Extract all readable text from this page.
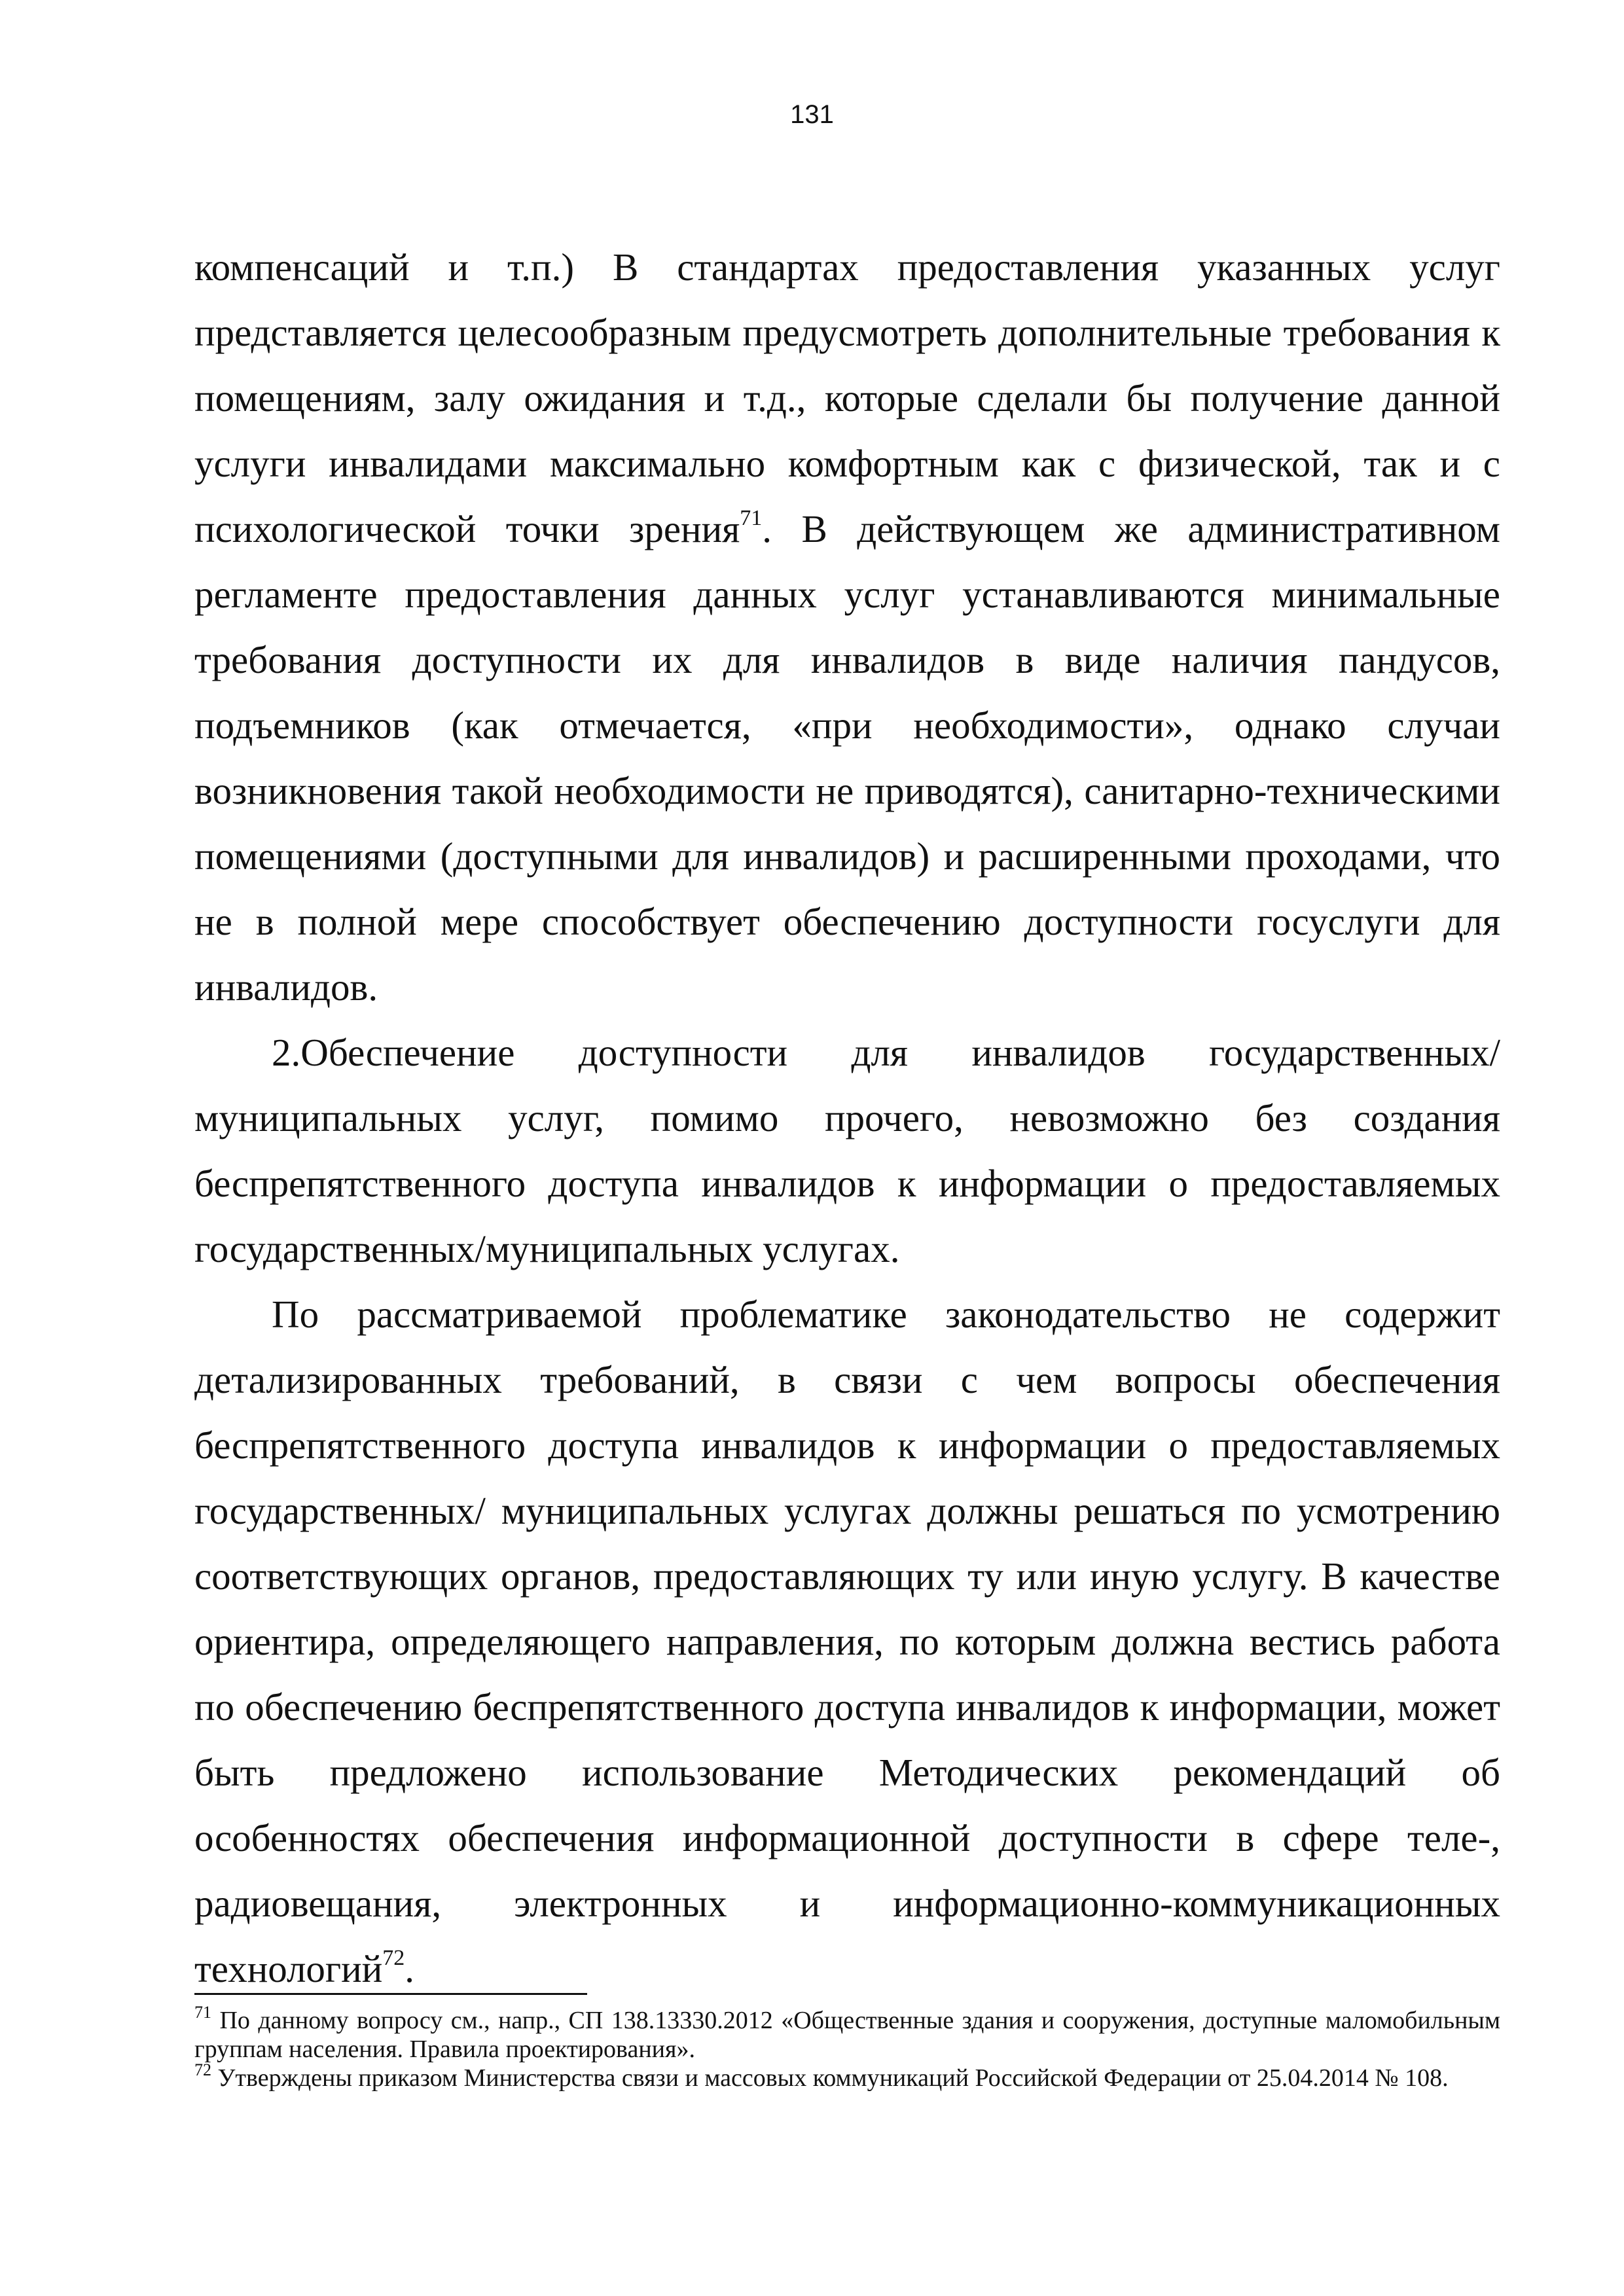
131

компенсаций и т.п.) В стандартах предоставления указанных услуг представляется целесообразным предусмотреть дополнительные требования к помещениям, залу ожидания и т.д., которые сделали бы получение данной услуги инвалидами максимально комфортным как с физической, так и с психологической точки зрения$^{71}$. В действующем же административном регламенте предоставления данных услуг устанавливаются минимальные требования доступности их для инвалидов в виде наличия пандусов, подъемников (как отмечается, «при необходимости», однако случаи возникновения такой необходимости не приводятся), санитарно-техническими помещениями (доступными для инвалидов) и расширенными проходами, что не в полной мере способствует обеспечению доступности госуслуги для инвалидов.

2.Обеспечение доступности для инвалидов государственных/муниципальных услуг, помимо прочего, невозможно без создания беспрепятственного доступа инвалидов к информации о предоставляемых государственных/муниципальных услугах.

По рассматриваемой проблематике законодательство не содержит детализированных требований, в связи с чем вопросы обеспечения беспрепятственного доступа инвалидов к информации о предоставляемых государственных/ муниципальных услугах должны решаться по усмотрению соответствующих органов, предоставляющих ту или иную услугу. В качестве ориентира, определяющего направления, по которым должна вестись работа по обеспечению беспрепятственного доступа инвалидов к информации, может быть предложено использование Методических рекомендаций об особенностях обеспечения информационной доступности в сфере теле-, радиовещания, электронных и информационно-коммуникационных технологий$^{72}$.

$^{71}$ По данному вопросу см., напр., СП 138.13330.2012 «Общественные здания и сооружения, доступные маломобильным группам населения. Правила проектирования».

$^{72}$ Утверждены приказом Министерства связи и массовых коммуникаций Российской Федерации от 25.04.2014 № 108.
